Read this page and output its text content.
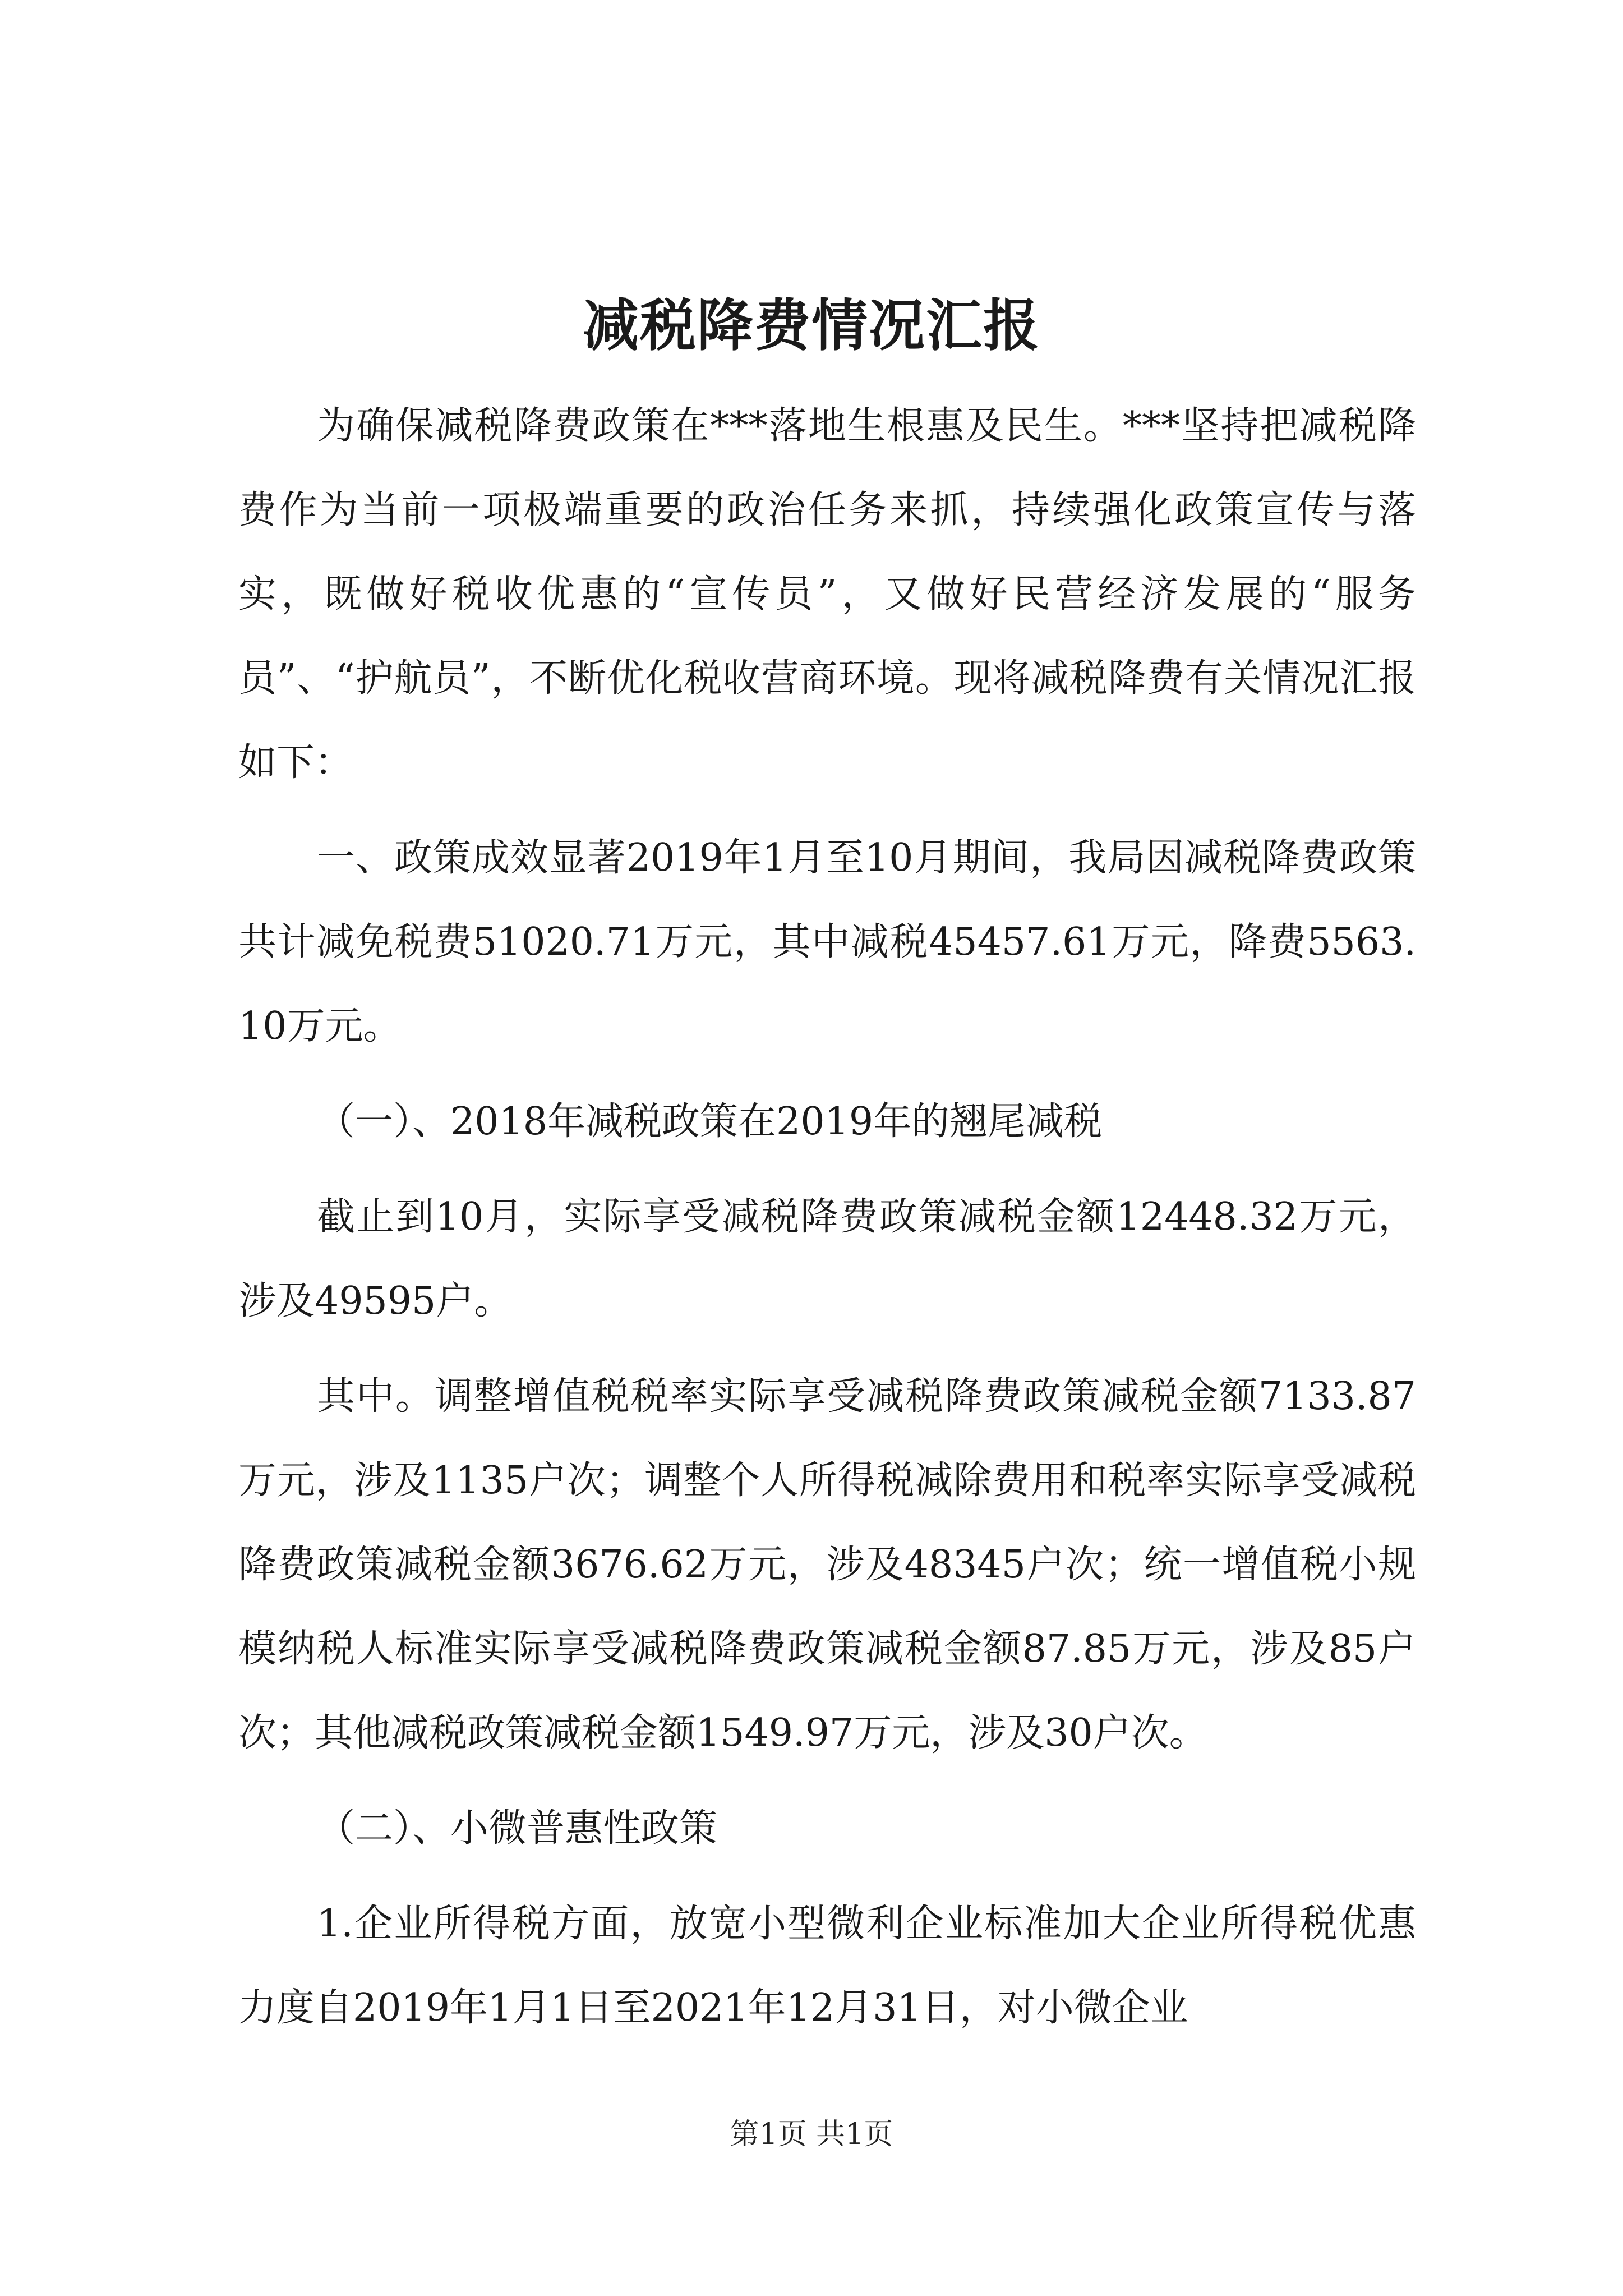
减税降费情况汇报

为确保减税降费政策在***落地生根惠及民生。***坚持把减税降费作为当前一项极端重要的政治任务来抓，持续强化政策宣传与落实，既做好税收优惠的“宣传员”，又做好民营经济发展的“服务员”、“护航员”，不断优化税收营商环境。现将减税降费有关情况汇报如下：

一、政策成效显著2019年1月至10月期间，我局因减税降费政策共计减免税费51020.71万元，其中减税45457.61万元，降费5563.10万元。

（一）、2018年减税政策在2019年的翘尾减税

截止到10月，实际享受减税降费政策减税金额12448.32万元，涉及49595户。

其中。调整增值税税率实际享受减税降费政策减税金额7133.87万元，涉及1135户次；调整个人所得税减除费用和税率实际享受减税降费政策减税金额3676.62万元，涉及48345户次；统一增值税小规模纳税人标准实际享受减税降费政策减税金额87.85万元，涉及85户次；其他减税政策减税金额1549.97万元，涉及30户次。

（二）、小微普惠性政策

1.企业所得税方面，放宽小型微利企业标准加大企业所得税优惠力度自2019年1月1日至2021年12月31日，对小微企业

第1页 共1页
